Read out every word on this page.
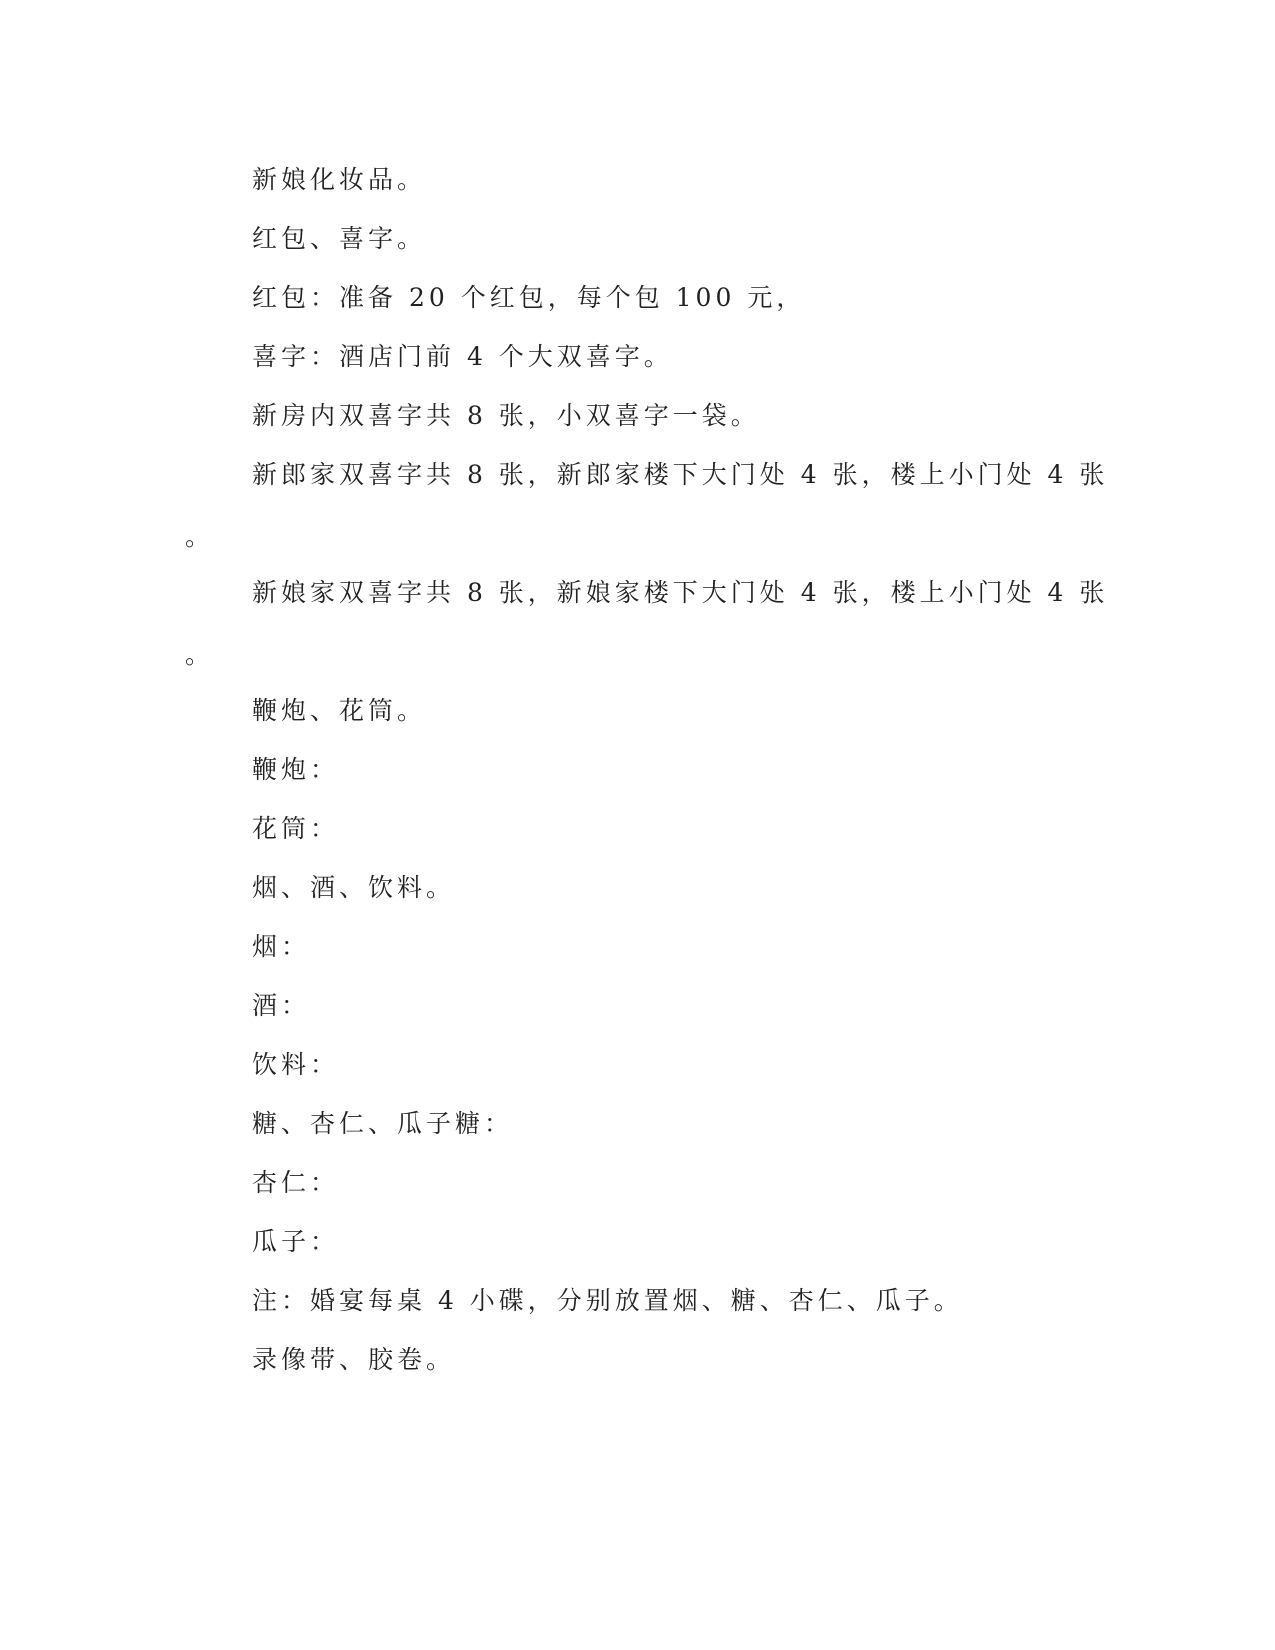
新娘化妆品。
红包、喜字。
红包：准备 20 个红包，每个包 100 元，
喜字：酒店门前 4 个大双喜字。
新房内双喜字共 8 张，小双喜字一袋。
新郎家双喜字共 8 张，新郎家楼下大门处 4 张，楼上小门处 4 张
。
新娘家双喜字共 8 张，新娘家楼下大门处 4 张，楼上小门处 4 张
。
鞭炮、花筒。
鞭炮：
花筒：
烟、酒、饮料。
烟：
酒：
饮料：
糖、杏仁、瓜子糖：
杏仁：
瓜子：
注：婚宴每桌 4 小碟，分别放置烟、糖、杏仁、瓜子。
录像带、胶卷。
